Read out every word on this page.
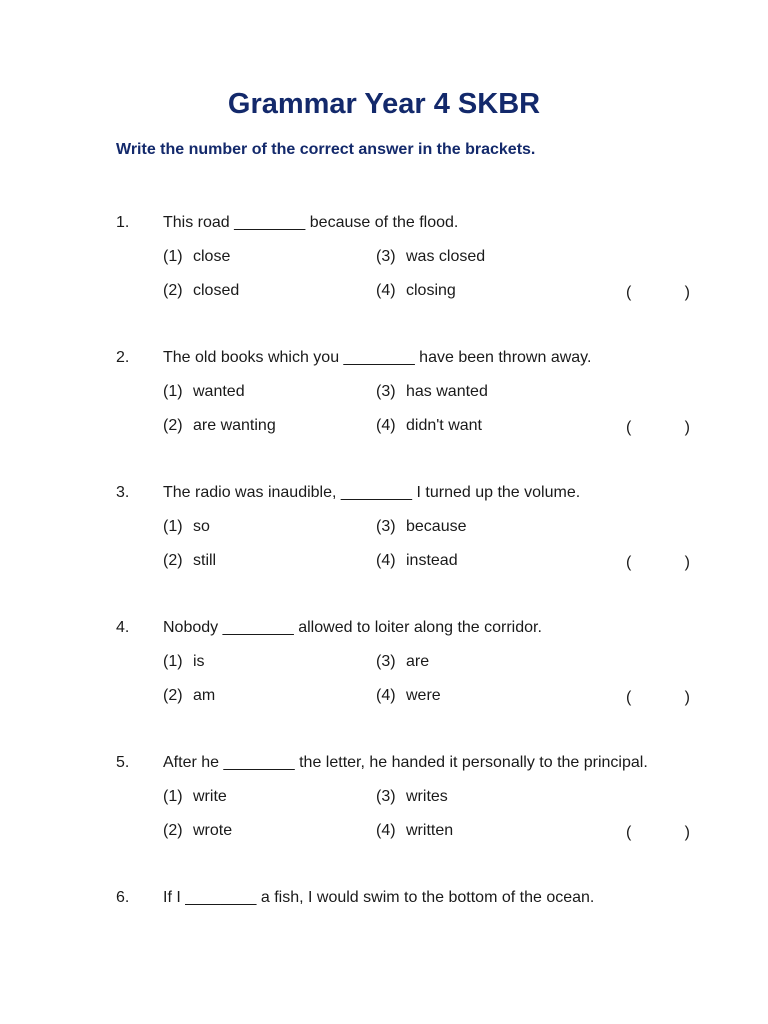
Grammar Year 4 SKBR

Write the number of the correct answer in the brackets.

1. This road ________ because of the flood.
(1) close	(3) was closed
(2) closed	(4) closing	(	)
2. The old books which you ________ have been thrown away.
(1) wanted	(3) has wanted
(2) are wanting	(4) didn't want	(	)
3. The radio was inaudible, ________ I turned up the volume.
(1) so	(3) because
(2) still	(4) instead	(	)
4. Nobody ________ allowed to loiter along the corridor.
(1) is	(3) are
(2) am	(4) were	(	)
5. After he ________ the letter, he handed it personally to the principal.
(1) write	(3) writes
(2) wrote	(4) written	(	)
6. If I ________ a fish, I would swim to the bottom of the ocean.
